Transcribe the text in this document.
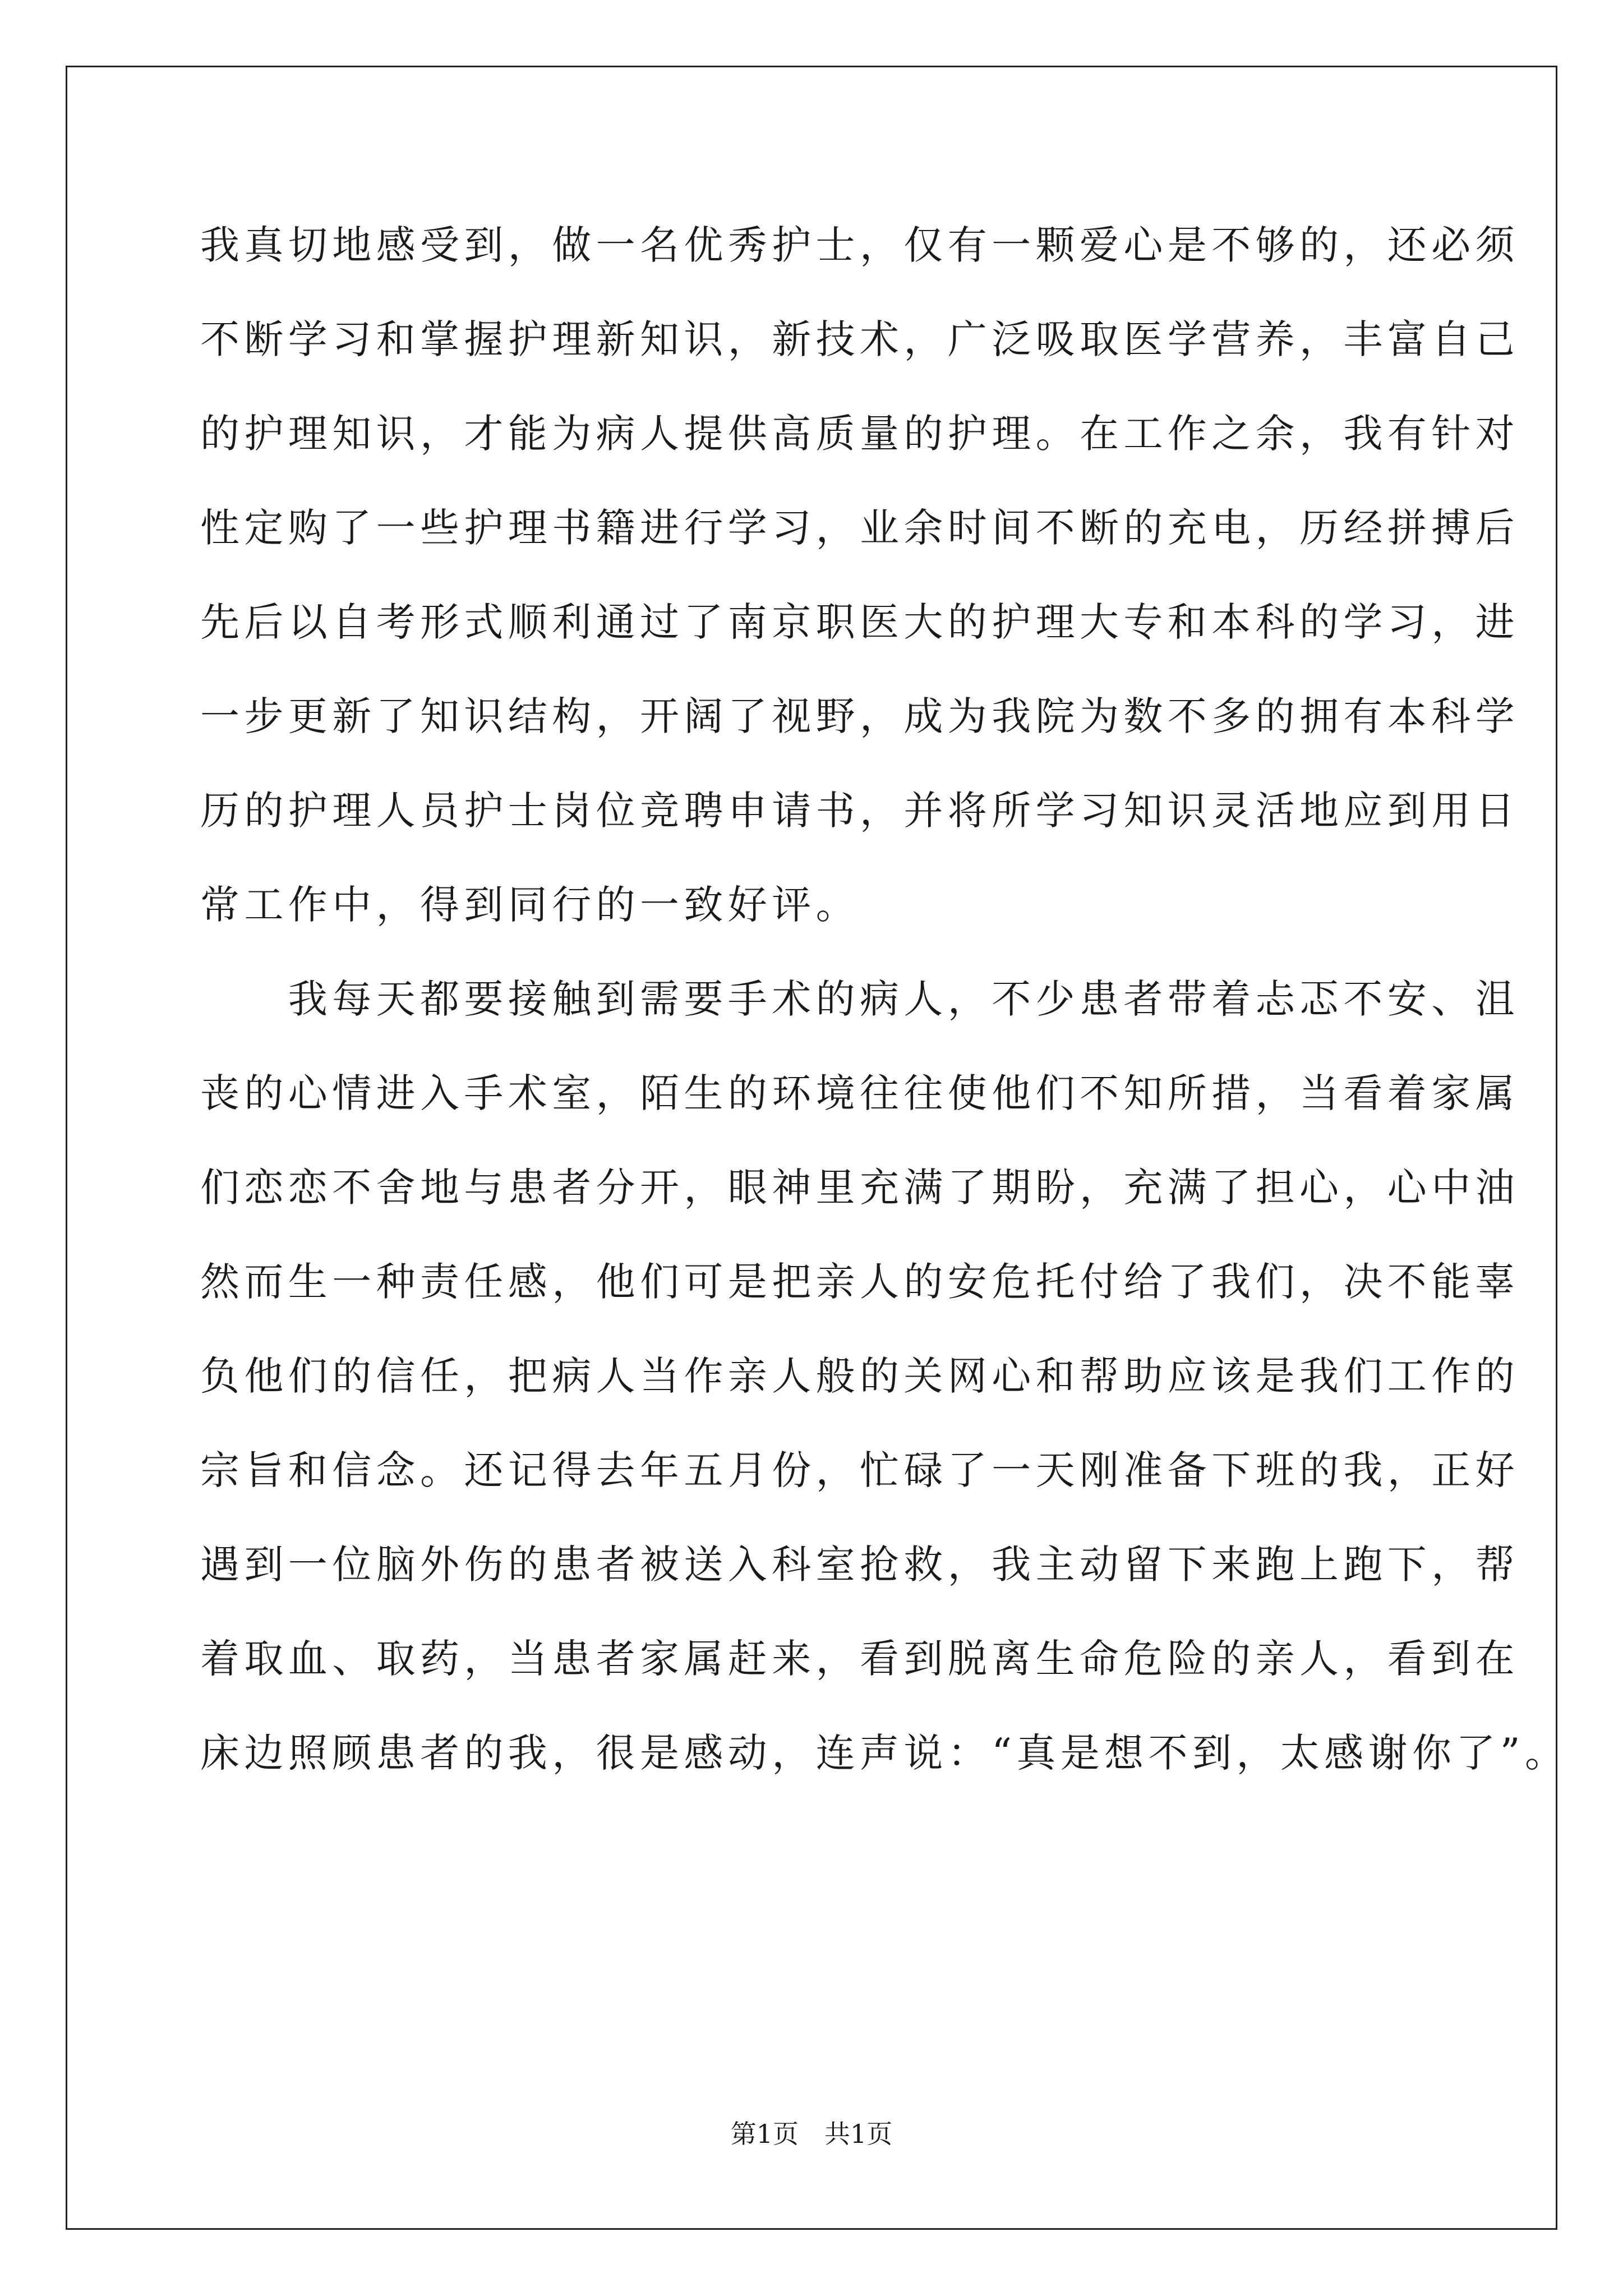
我真切地感受到，做一名优秀护士，仅有一颗爱心是不够的，还必须
不断学习和掌握护理新知识，新技术，广泛吸取医学营养，丰富自己
的护理知识，才能为病人提供高质量的护理。在工作之余，我有针对
性定购了一些护理书籍进行学习，业余时间不断的充电，历经拼搏后
先后以自考形式顺利通过了南京职医大的护理大专和本科的学习，进
一步更新了知识结构，开阔了视野，成为我院为数不多的拥有本科学
历的护理人员护士岗位竞聘申请书，并将所学习知识灵活地应到用日
常工作中，得到同行的一致好评。
　　我每天都要接触到需要手术的病人，不少患者带着忐忑不安、沮
丧的心情进入手术室，陌生的环境往往使他们不知所措，当看着家属
们恋恋不舍地与患者分开，眼神里充满了期盼，充满了担心，心中油
然而生一种责任感，他们可是把亲人的安危托付给了我们，决不能辜
负他们的信任，把病人当作亲人般的关网心和帮助应该是我们工作的
宗旨和信念。还记得去年五月份，忙碌了一天刚准备下班的我，正好
遇到一位脑外伤的患者被送入科室抢救，我主动留下来跑上跑下，帮
着取血、取药，当患者家属赶来，看到脱离生命危险的亲人，看到在
床边照顾患者的我，很是感动，连声说：“真是想不到，太感谢你了”。
第1页　共1页
